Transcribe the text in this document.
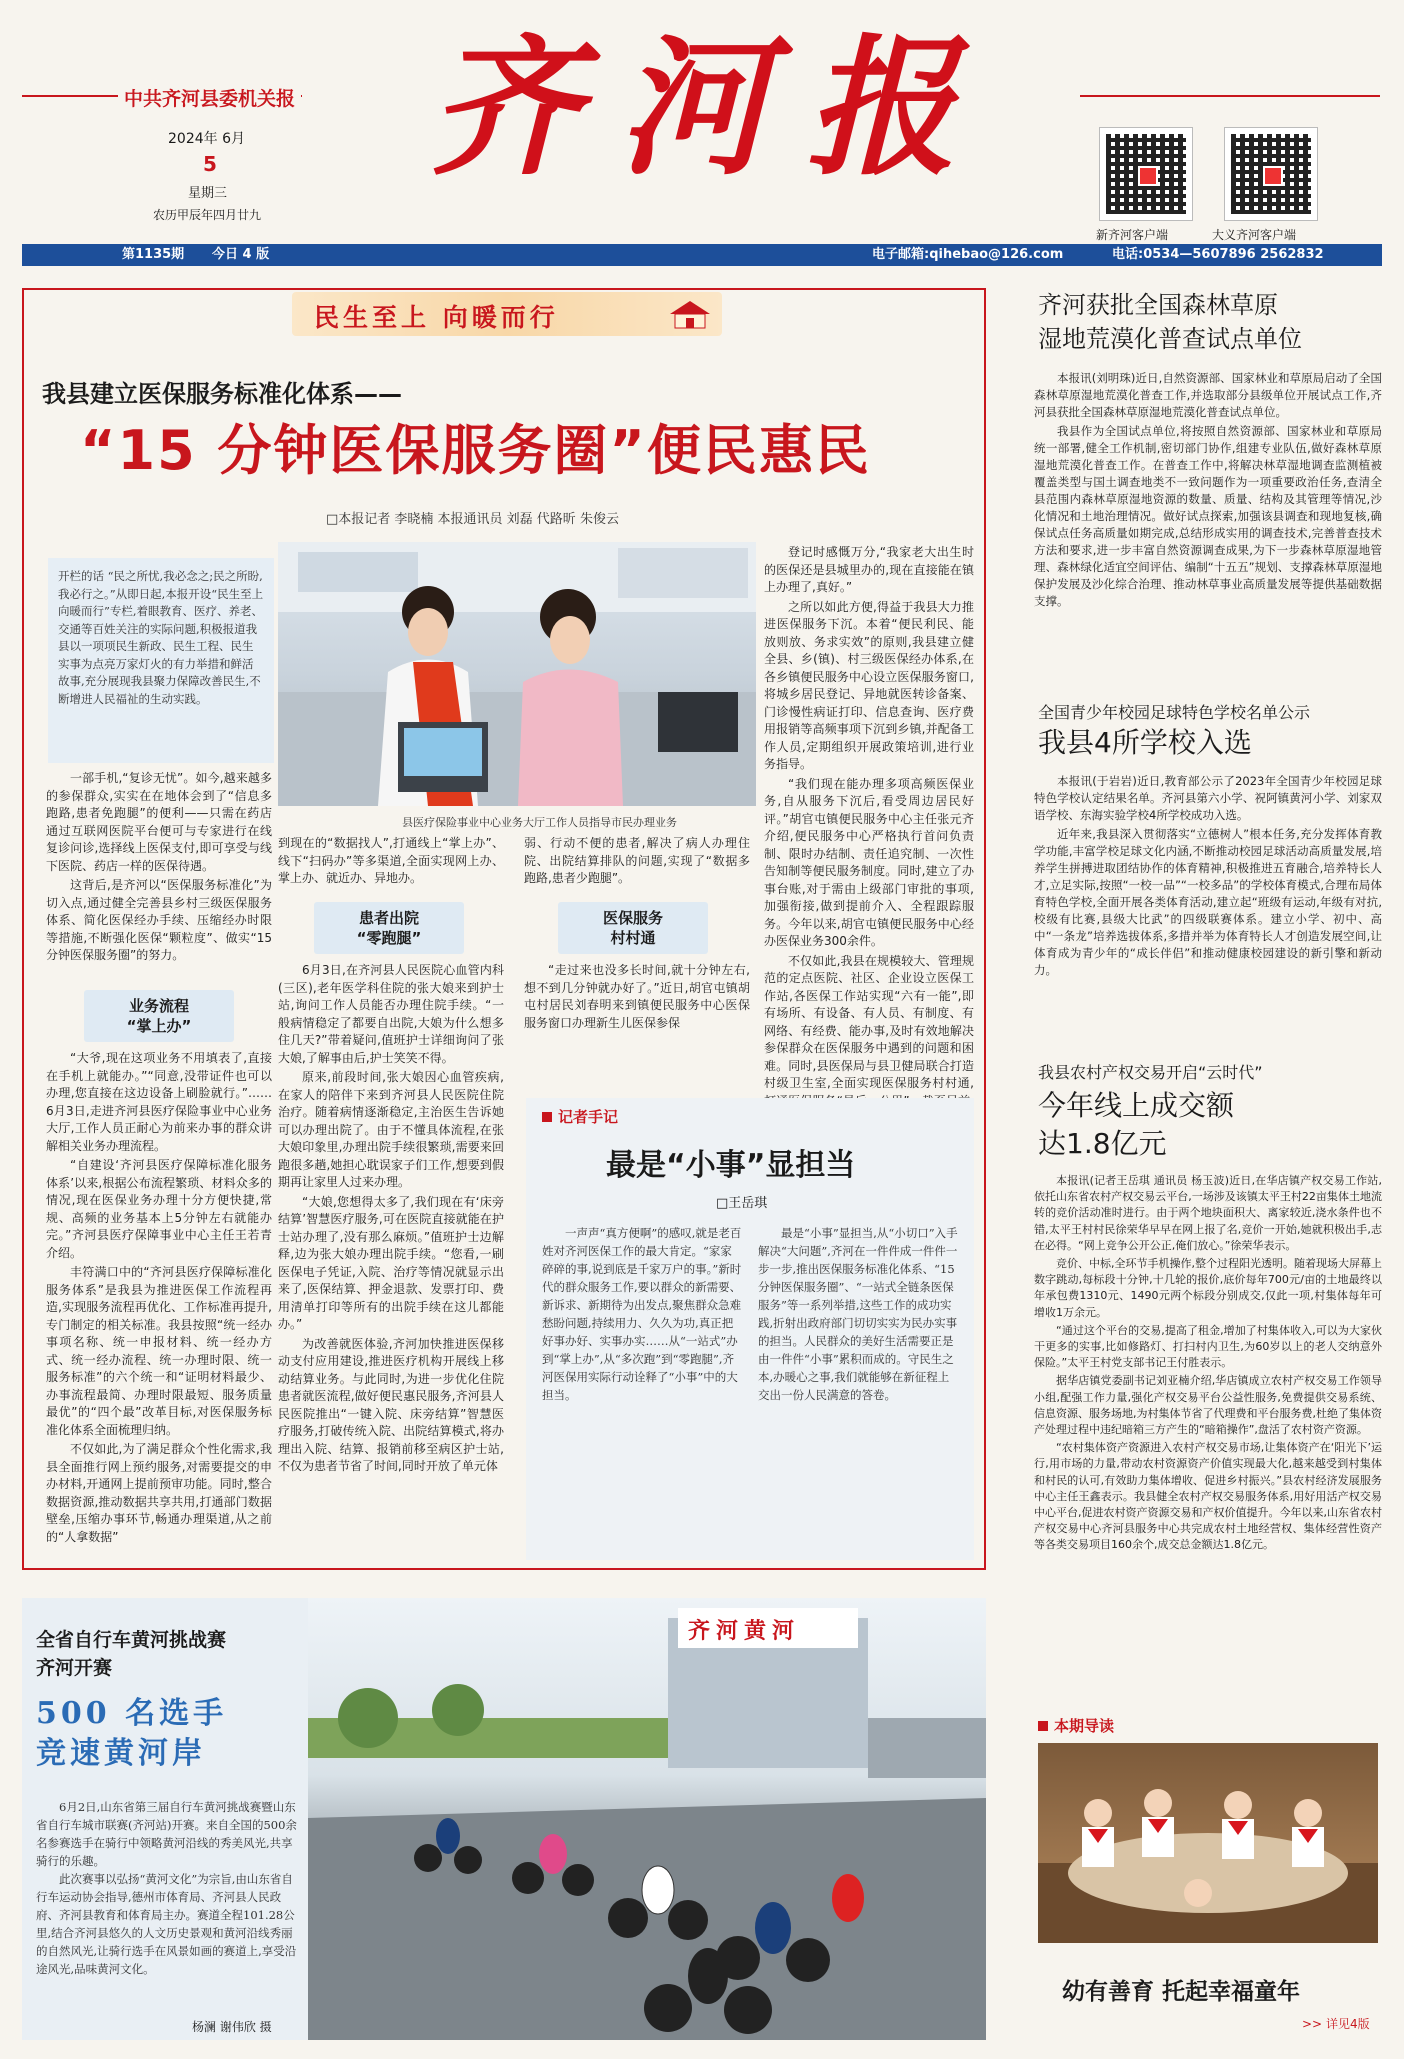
中共齐河县委机关报 齐河报
2024年 6月
5
星期三
农历甲辰年四月廿九
新齐河客户端	大义齐河客户端
第1135期 今日 4 版	电子邮箱:qihebao@126.com	电话:0534—5607896 2562832
民生至上 向暖而行
我县建立医保服务标准化体系——
“15 分钟医保服务圈”便民惠民
□本报记者 李晓楠 本报通讯员 刘磊 代路昕 朱俊云
开栏的话 “民之所忧,我必念之;民之所盼,我必行之。”从即日起,本报开设“民生至上 向暖而行”专栏,着眼教育、医疗、养老、交通等百姓关注的实际问题,积极报道我县以一项项民生新政、民生工程、民生实事为点亮万家灯火的有力举措和鲜活故事,充分展现我县聚力保障改善民生,不断增进人民福祉的生动实践。
县医疗保险事业中心业务大厅工作人员指导市民办理业务

一部手机,“复诊无忧”。如今,越来越多的参保群众,实实在在地体会到了“信息多跑路,患者免跑腿”的便利——只需在药店通过互联网医院平台便可与专家进行在线复诊问诊,选择线上医保支付,即可享受与线下医院、药店一样的医保待遇。

这背后,是齐河以“医保服务标准化”为切入点,通过健全完善县乡村三级医保服务体系、简化医保经办手续、压缩经办时限等措施,不断强化医保“颗粒度”、做实“15分钟医保服务圈”的努力。

业务流程
“掌上办”

“大爷,现在这项业务不用填表了,直接在手机上就能办。”“同意,没带证件也可以办理,您直接在这边设备上刷脸就行。”……6月3日,走进齐河县医疗保险事业中心业务大厅,工作人员正耐心为前来办事的群众讲解相关业务办理流程。

“自建设‘齐河县医疗保障标准化服务体系’以来,根据公布流程繁琐、材料众多的情况,现在医保业务办理十分方便快捷,常规、高频的业务基本上5分钟左右就能办完。”齐河县医疗保障事业中心主任王若青介绍。

丰符满口中的“齐河县医疗保障标准化服务体系”是我县为推进医保工作流程再造,实现服务流程再优化、工作标准再提升,专门制定的相关标准。我县按照“统一经办事项名称、统一申报材料、统一经办方式、统一经办流程、统一办理时限、统一服务标准”的六个统一和“证明材料最少、办事流程最简、办理时限最短、服务质量最优”的“四个最”改革目标,对医保服务标准化体系全面梳理归纳。

不仅如此,为了满足群众个性化需求,我县全面推行网上预约服务,对需要提交的申办材料,开通网上提前预审功能。同时,整合数据资源,推动数据共享共用,打通部门数据壁垒,压缩办事环节,畅通办理渠道,从之前的“人拿数据”

到现在的“数据找人”,打通线上“掌上办”、线下“扫码办”等多渠道,全面实现网上办、掌上办、就近办、异地办。
患者出院
“零跑腿”

6月3日,在齐河县人民医院心血管内科(三区),老年医学科住院的张大娘来到护士站,询问工作人员能否办理住院手续。“一般病情稳定了都要自出院,大娘为什么想多住几天?”带着疑问,值班护士详细询问了张大娘,了解事由后,护士笑笑不得。

原来,前段时间,张大娘因心血管疾病,在家人的陪伴下来到齐河县人民医院住院治疗。随着病情逐渐稳定,主治医生告诉她可以办理出院了。由于不懂具体流程,在张大娘印象里,办理出院手续很繁琐,需要来回跑很多趟,她担心耽误家子们工作,想要到假期再让家里人过来办理。

“大娘,您想得太多了,我们现在有‘床旁结算’智慧医疗服务,可在医院直接就能在护士站办理了,没有那么麻烦。”值班护士边解释,边为张大娘办理出院手续。“您看,一刷医保电子凭证,入院、治疗等情况就显示出来了,医保结算、押金退款、发票打印、费用清单打印等所有的出院手续在这儿都能办。”

为改善就医体验,齐河加快推进医保移动支付应用建设,推进医疗机构开展线上移动结算业务。与此同时,为进一步优化住院患者就医流程,做好便民惠民服务,齐河县人民医院推出“一键入院、床旁结算”智慧医疗服务,打破传统入院、出院结算模式,将办理出入院、结算、报销前移至病区护士站,不仅为患者节省了时间,同时开放了单元体

弱、行动不便的患者,解决了病人办理住院、出院结算排队的问题,实现了“数据多跑路,患者少跑腿”。
医保服务
村村通

“走过来也没多长时间,就十分钟左右,想不到几分钟就办好了。”近日,胡官屯镇胡屯村居民刘春明来到镇便民服务中心医保服务窗口办理新生儿医保参保

登记时感慨万分,“我家老大出生时的医保还是县城里办的,现在直接能在镇上办理了,真好。”

之所以如此方便,得益于我县大力推进医保服务下沉。本着“便民利民、能放则放、务求实效”的原则,我县建立健全县、乡(镇)、村三级医保经办体系,在各乡镇便民服务中心设立医保服务窗口,将城乡居民登记、异地就医转诊备案、门诊慢性病证打印、信息查询、医疗费用报销等高频事项下沉到乡镇,并配备工作人员,定期组织开展政策培训,进行业务指导。

“我们现在能办理多项高频医保业务,自从服务下沉后,看受周边居民好评。”胡官屯镇便民服务中心主任张元齐介绍,便民服务中心严格执行首问负责制、限时办结制、责任追究制、一次性告知制等便民服务制度。同时,建立了办事台账,对于需由上级部门审批的事项,加强衔接,做到提前介入、全程跟踪服务。今年以来,胡官屯镇便民服务中心经办医保业务300余件。

不仅如此,我县在规模较大、管理规范的定点医院、社区、企业设立医保工作站,各医保工作站实现“六有一能”,即有场所、有设备、有人员、有制度、有网络、有经费、能办事,及时有效地解决参保群众在医保服务中遇到的问题和困难。同时,县医保局与县卫健局联合打造村级卫生室,全面实现医保服务村村通,

记者手记
最是“小事”显担当
□王岳琪
一声声“真方便啊”的感叹,就是老百姓对齐河医保工作的最大肯定。“家家碎碎的事,说到底是千家万户的事。”新时代的群众服务工作,要以群众的新需要、新诉求、新期待为出发点,聚焦群众急难愁盼问题,持续用力、久久为功,真正把好事办好、实事办实……从“一站式”办到“掌上办”,从“多次跑”到“零跑腿”,齐河医保用实际行动诠释了“小事”中的大担当。
最是“小事”显担当,从“小切口”入手解决“大问题”,齐河在一件件成一件件一步一步,推出医保服务标准化体系、“15分钟医保服务圈”、“一站式全链条医保服务”等一系列举措,这些工作的成功实践,折射出政府部门切切实实为民办实事的担当。人民群众的美好生活需要正是由一件件“小事”累积而成的。守民生之本,办暖心之事,我们就能够在新征程上交出一份人民满意的答卷。
全省自行车黄河挑战赛
齐河开赛
500 名选手
竞速黄河岸

6月2日,山东省第三届自行车黄河挑战赛暨山东省自行车城市联赛(齐河站)开赛。来自全国的500余名参赛选手在骑行中领略黄河沿线的秀美风光,共享骑行的乐趣。

此次赛事以弘扬“黄河文化”为宗旨,由山东省自行车运动协会指导,德州市体育局、齐河县人民政府、齐河县教育和体育局主办。赛道全程101.28公里,结合齐河县悠久的人文历史景观和黄河沿线秀丽的自然风光,让骑行选手在风景如画的赛道上,享受沿途风光,品味黄河文化。

杨澜 谢伟欣 摄
齐河黄河
齐河获批全国森林草原
湿地荒漠化普查试点单位

本报讯(刘明珠)近日,自然资源部、国家林业和草原局启动了全国森林草原湿地荒漠化普查工作,并选取部分县级单位开展试点工作,齐河县获批全国森林草原湿地荒漠化普查试点单位。

我县作为全国试点单位,将按照自然资源部、国家林业和草原局统一部署,健全工作机制,密切部门协作,组建专业队伍,做好森林草原湿地荒漠化普查工作。在普查工作中,将解决林草湿地调查监测植被覆盖类型与国土调查地类不一致问题作为一项重要政治任务,查清全县范围内森林草原湿地资源的数量、质量、结构及其管理等情况,沙化情况和土地治理情况。做好试点探索,加强该县调查和现地复核,确保试点任务高质量如期完成,总结形成实用的调查技术,完善普查技术方法和要求,进一步丰富自然资源调查成果,为下一步森林草原湿地管理、森林绿化适宜空间评估、编制“十五五”规划、支撑森林草原湿地保护发展及沙化综合治理、推动林草事业高质量发展等提供基础数据支撑。

全国青少年校园足球特色学校名单公示
我县4所学校入选

本报讯(于岩岩)近日,教育部公示了2023年全国青少年校园足球特色学校认定结果名单。齐河县第六小学、祝阿镇黄河小学、刘家双语学校、东海实验学校4所学校成功入选。

近年来,我县深入贯彻落实“立德树人”根本任务,充分发挥体育教学功能,丰富学校足球文化内涵,不断推动校园足球活动高质量发展,培养学生拼搏进取团结协作的体育精神,积极推进五育融合,培养特长人才,立足实际,按照“一校一品”“一校多品”的学校体育模式,合理布局体育特色学校,全面开展各类体育活动,建立起“班级有运动,年级有对抗,校级有比赛,县级大比武”的四级联赛体系。建立小学、初中、高中“一条龙”培养选拔体系,多措并举为体育特长人才创造发展空间,让体育成为青少年的“成长伴侣”和推动健康校园建设的新引擎和新动力。

我县农村产权交易开启“云时代”
今年线上成交额
达1.8亿元

本报讯(记者王岳琪 通讯员 杨玉波)近日,在华店镇产权交易工作站,依托山东省农村产权交易云平台,一场涉及该镇太平王村22亩集体土地流转的竞价活动准时进行。由于两个地块面积大、离家较近,浇水条件也不错,太平王村村民徐荣华早早在网上报了名,竞价一开始,她就积极出手,志在必得。“网上竞争公开公正,俺们放心。”徐荣华表示。

竞价、中标,全环节手机操作,整个过程阳光透明。随着现场大屏幕上数字跳动,每标段十分钟,十几轮的报价,底价每年700元/亩的土地最终以年承包费1310元、1490元两个标段分别成交,仅此一项,村集体每年可增收1万余元。

“通过这个平台的交易,提高了租金,增加了村集体收入,可以为大家伙干更多的实事,比如修路灯、打扫村内卫生,为60岁以上的老人交纳意外保险。”太平王村党支部书记王付胜表示。

据华店镇党委副书记刘亚楠介绍,华店镇成立农村产权交易工作领导小组,配强工作力量,强化产权交易平台公益性服务,免费提供交易系统、信息资源、服务场地,为村集体节省了代理费和平台服务费,杜绝了集体资产处理过程中违纪暗箱三方产生的“暗箱操作”,盘活了农村资产资源。

“农村集体资产资源进入农村产权交易市场,让集体资产在‘阳光下’运行,用市场的力量,带动农村资源资产价值实现最大化,越来越受到村集体和村民的认可,有效助力集体增收、促进乡村振兴。”县农村经济发展服务中心主任王鑫表示。我县健全农村产权交易服务体系,用好用活产权交易中心平台,促进农村资产资源交易和产权价值提升。今年以来,山东省农村产权交易中心齐河县服务中心共完成农村土地经营权、集体经营性资产等各类交易项目160余个,成交总金额达1.8亿元。

本期导读
幼有善育 托起幸福童年
>> 详见4版
